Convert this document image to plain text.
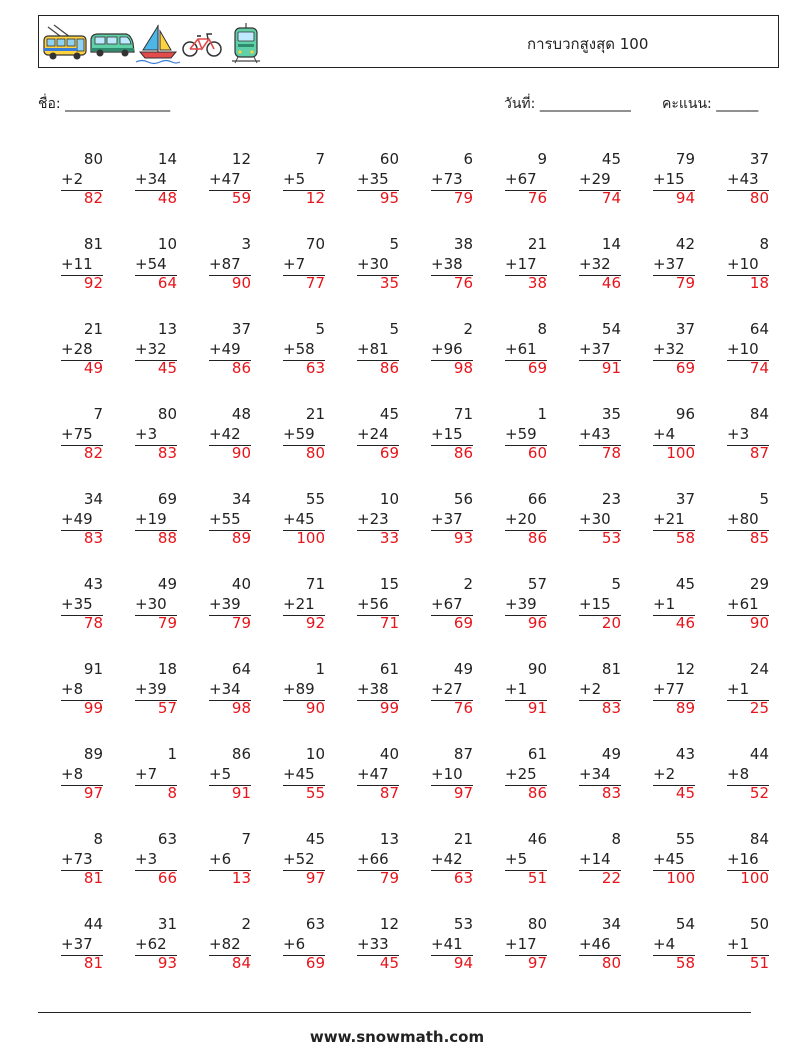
การบวกสูงสุด 100
ชื่อ: _______________	วันที่: _____________ คะแนน: ______
80
+2
82
14
+34
48
12
+47
59
7
+5
12
60
+35
95
6
+73
79
9
+67
76
45
+29
74
79
+15
94
37
+43
80
81
+11
92
10
+54
64
3
+87
90
70
+7
77
5
+30
35
38
+38
76
21
+17
38
14
+32
46
42
+37
79
8
+10
18
21
+28
49
13
+32
45
37
+49
86
5
+58
63
5
+81
86
2
+96
98
8
+61
69
54
+37
91
37
+32
69
64
+10
74
7
+75
82
80
+3
83
48
+42
90
21
+59
80
45
+24
69
71
+15
86
1
+59
60
35
+43
78
96
+4
100
84
+3
87
34
+49
83
69
+19
88
34
+55
89
55
+45
100
10
+23
33
56
+37
93
66
+20
86
23
+30
53
37
+21
58
5
+80
85
43
+35
78
49
+30
79
40
+39
79
71
+21
92
15
+56
71
2
+67
69
57
+39
96
5
+15
20
45
+1
46
29
+61
90
91
+8
99
18
+39
57
64
+34
98
1
+89
90
61
+38
99
49
+27
76
90
+1
91
81
+2
83
12
+77
89
24
+1
25
89
+8
97
1
+7
8
86
+5
91
10
+45
55
40
+47
87
87
+10
97
61
+25
86
49
+34
83
43
+2
45
44
+8
52
8
+73
81
63
+3
66
7
+6
13
45
+52
97
13
+66
79
21
+42
63
46
+5
51
8
+14
22
55
+45
100
84
+16
100
44
+37
81
31
+62
93
2
+82
84
63
+6
69
12
+33
45
53
+41
94
80
+17
97
34
+46
80
54
+4
58
50
+1
51
www.snowmath.com
